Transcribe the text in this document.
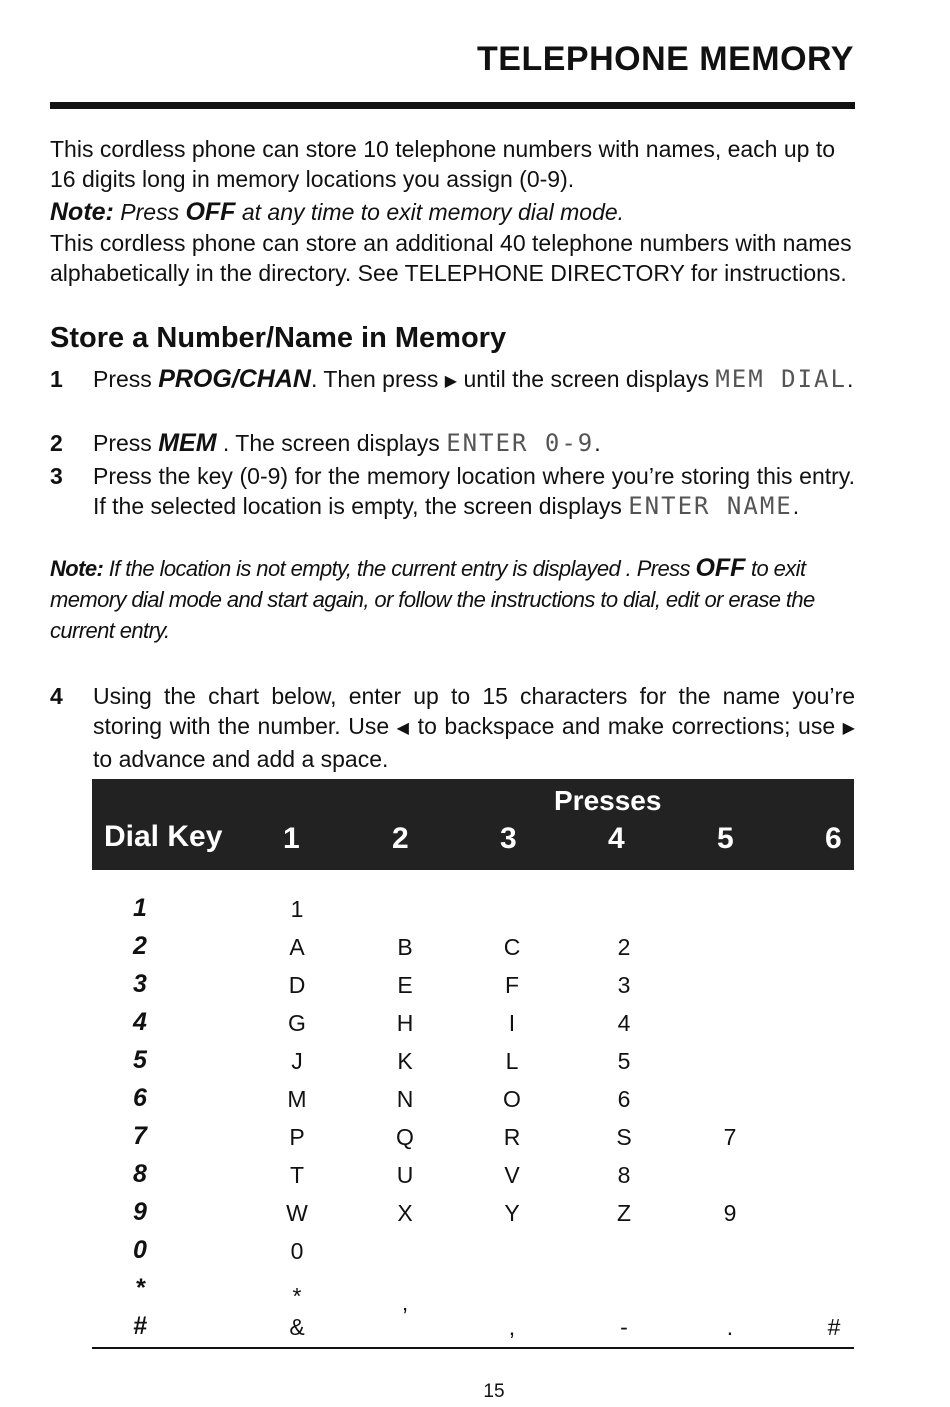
TELEPHONE MEMORY
This cordless phone can store 10 telephone numbers with names, each up to 16 digits long in memory locations you assign (0-9).
Note: Press OFF at any time to exit memory dial mode.
This cordless phone can store an additional 40 telephone numbers with names alphabetically in the directory. See TELEPHONE DIRECTORY for instructions.
Store a Number/Name in Memory
1 Press PROG/CHAN. Then press ▶ until the screen displays MEM DIAL.
2 Press MEM . The screen displays ENTER 0-9.
3 Press the key (0-9) for the memory location where you’re storing this entry. If the selected location is empty, the screen displays ENTER NAME.
Note: If the location is not empty, the current entry is displayed . Press OFF to exit memory dial mode and start again, or follow the instructions to dial, edit or erase the current entry.
4 Using the chart below, enter up to 15 characters for the name you’re storing with the number. Use ◀ to backspace and make corrections; use ▶ to advance and add a space.
Presses
Dial Key 1	2	3	4	5	6
1	1
2	A	B	C	2
3	D	E	F	3
4	G	H	I	4
5	J	K	L	5
6	M	N	O	6
7	P	Q	R	S	7
8	T	U	V	8
9	W	X	Y	Z	9
0	0
*	*
#	&	’	,	-	.	#
15
